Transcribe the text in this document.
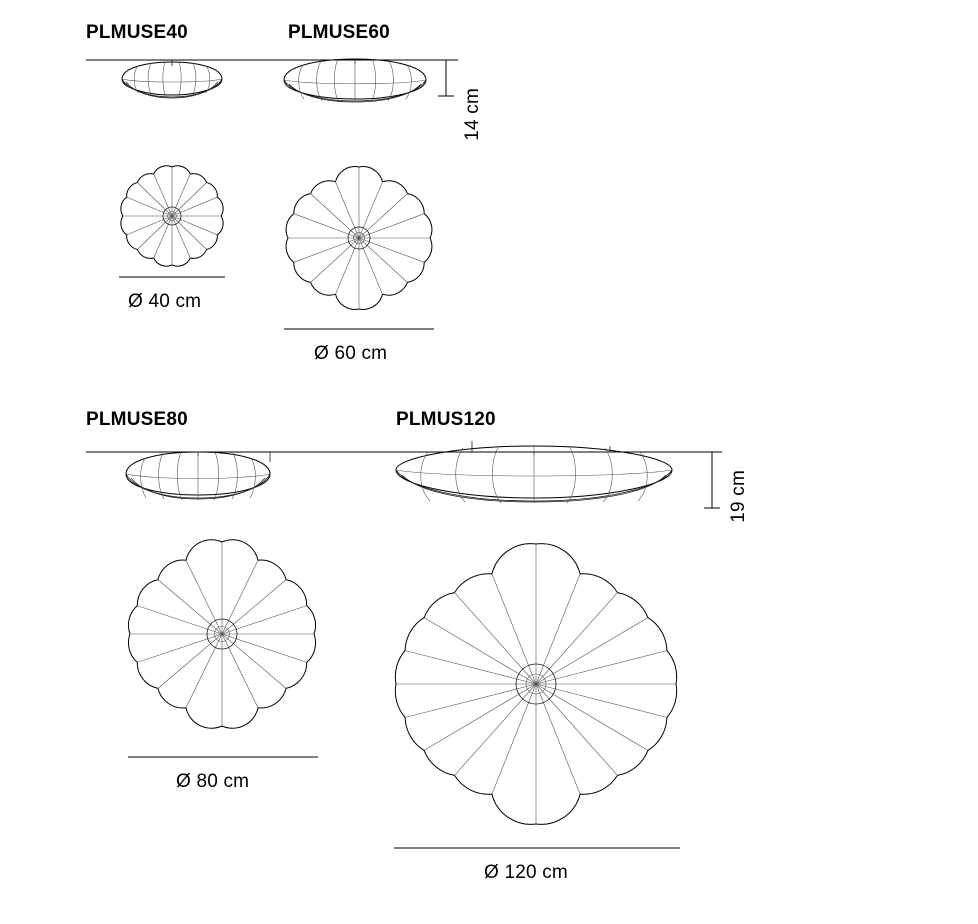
PLMUSE40	PLMUSE60
14 cm
Ø 40 cm
Ø 60 cm
PLMUSE80	PLMUS120
19 cm
Ø 80 cm
Ø 120 cm
